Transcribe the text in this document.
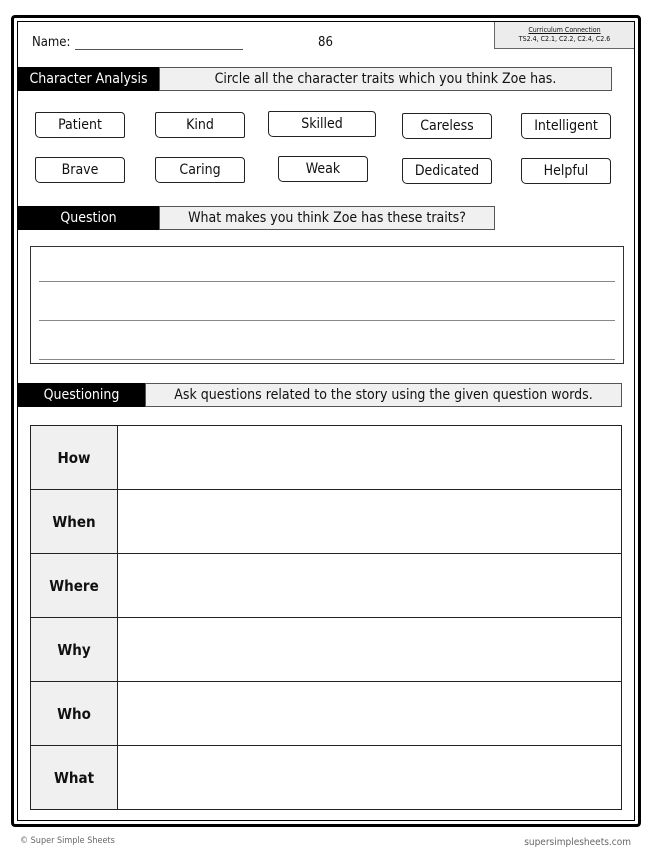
Name:	86
Curriculum Connection
TS2.4, C2.1, C2.2, C2.4, C2.6
Character Analysis	Circle all the character traits which you think Zoe has.
Patient	Kind	Skilled	Careless	Intelligent
Brave	Caring	Weak	Dedicated	Helpful
Question	What makes you think Zoe has these traits?
Questioning	Ask questions related to the story using the given question words.
How	
When	
Where	
Why	
Who	
What	
© Super Simple Sheets	supersimplesheets.com
